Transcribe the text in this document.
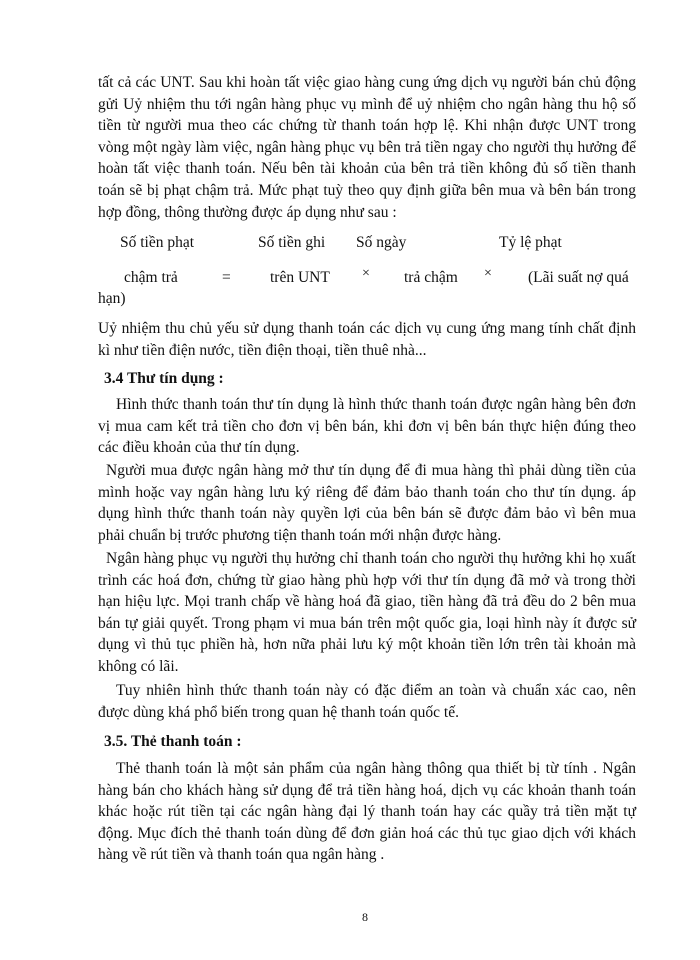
tất cả các UNT. Sau khi hoàn tất việc giao hàng cung ứng dịch vụ người bán chủ động gửi Uỷ nhiệm thu tới ngân hàng phục vụ mình để uỷ nhiệm cho ngân hàng thu hộ số tiền từ người mua theo các chứng từ thanh toán hợp lệ. Khi nhận được UNT trong vòng một ngày làm việc, ngân hàng phục vụ bên trả tiền ngay cho người thụ hưởng để hoàn tất việc thanh toán. Nếu bên tài khoản của bên trả tiền không đủ số tiền thanh toán sẽ bị phạt chậm trả. Mức phạt tuỳ theo quy định giữa bên mua và bên bán trong hợp đồng, thông thường được áp dụng như sau :

Số tiền phạt	Số tiền ghi Số ngày	Tỷ lệ phạt
chậm trả	=	trên UNT × trả chậm × (Lãi suất nợ quá
hạn)

Uỷ nhiệm thu chủ yếu sử dụng thanh toán các dịch vụ cung ứng mang tính chất định kì như tiền điện nước, tiền điện thoại, tiền thuê nhà...

3.4 Thư tín dụng :

Hình thức thanh toán thư tín dụng là hình thức thanh toán được ngân hàng bên đơn vị mua cam kết trả tiền cho đơn vị bên bán, khi đơn vị bên bán thực hiện đúng theo các điều khoản của thư tín dụng.

Người mua được ngân hàng mở thư tín dụng để đi mua hàng thì phải dùng tiền của mình hoặc vay ngân hàng lưu ký riêng để đảm bảo thanh toán cho thư tín dụng. áp dụng hình thức thanh toán này quyền lợi của bên bán sẽ được đảm bảo vì bên mua phải chuẩn bị trước phương tiện thanh toán mới nhận được hàng.

Ngân hàng phục vụ người thụ hưởng chỉ thanh toán cho người thụ hưởng khi họ xuất trình các hoá đơn, chứng từ giao hàng phù hợp với thư tín dụng đã mở và trong thời hạn hiệu lực. Mọi tranh chấp về hàng hoá đã giao, tiền hàng đã trả đều do 2 bên mua bán tự giải quyết. Trong phạm vi mua bán trên một quốc gia, loại hình này ít được sử dụng vì thủ tục phiền hà, hơn nữa phải lưu ký một khoản tiền lớn trên tài khoản mà không có lãi.

Tuy nhiên hình thức thanh toán này có đặc điểm an toàn và chuẩn xác cao, nên được dùng khá phổ biến trong quan hệ thanh toán quốc tế.

3.5. Thẻ thanh toán :

Thẻ thanh toán là một sản phẩm của ngân hàng thông qua thiết bị từ tính . Ngân hàng bán cho khách hàng sử dụng để trả tiền hàng hoá, dịch vụ các khoản thanh toán khác hoặc rút tiền tại các ngân hàng đại lý thanh toán hay các quầy trả tiền mặt tự động. Mục đích thẻ thanh toán dùng để đơn giản hoá các thủ tục giao dịch với khách hàng về rút tiền và thanh toán qua ngân hàng .

8
